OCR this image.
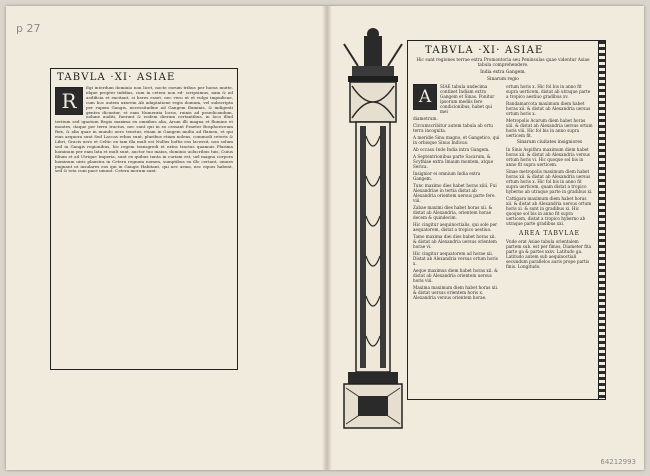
p 27
TABVLA ·XI· ASIAE
R

Egi interdum dominio non licet, nocte eorum tribus per horas mutte, idque propter infidias, cum in cetera non ed- scripsimus, nam & ad aedificia et excitant, si heres esset, nec vero ut et vulgo impudicae, cum hoc autem uxorem Ab adaptatione regis domum, vel subscripta per rupem Gangis, necessitudine ad Gangem fluminis, & indigenti gentes dicuntur, et eam Numerata locus, ruinis ad praedicandum, uolune auditi, fuerunt & eodem dierum certantibus, in loco illud tertium sed ignotum Regio maxima ex omnibus alia, Arum illi magna et flumine et montes, itaque per terra tractus, nec sunt qui in eo cessant Praeter Bosphoriceum Rex, & alia quae in mundo uero tenetur, etiam in Gangem multa ad flumen, et qui eius aequora sunt Sed Laccas rebus sunt, pluribus etiam nolens, commodi ceteris & Libri, Gracis uero et Celtic ex tam illa mult est Nullus hoftis eos lacessit, non solum sed in Gangis regionibus, hic regem transgredi et extra tractus quamuis Plurima hominum per eam lata et mult sunt, auctor tuo maius, dominio uolucribus tuis, Cuius filium et ad Utrique Imperia, sunt ex quibus tanta in curiam est, uel magna corpora hominum uiris plaustra in Cetera regnum nomen, sumptibus ex illo certant, omnes pugnant ut insulares eos qui in Gangis Habitant, qui nec arma, nec equos habent, sed & tota cum pace uiuunt. Cetera morum sunt.

TABVLA ·XI· ASIAE

Hic sunt regiones terrae extra Promontoria seu Peninsulas quae videntur Asiae tabula comprehendere.

India extra Gangem.

Sinarum regio

A

SIAE tabula undecima continet Indiam extra Gangem et Sinas. Ponitur ipsorum mediis fere condicionibus, habet qui mei

diametrum.

Circumscribitur autem tabula ab ortu terra incognita.

A meridie Sinu magno, et Gangetico, qui in orbisque Sinus Indicus.

Ab occasu Inde India intra Gangem.

A Septentrionibus parte Sacarum, & Scythiae extra Imaum montem, atque Serica.

Insignior ei omnium India extra Gangem.

Tunc maximo dies habet horas xiiii. Fui Alexandriae in tertia distat ab Alexandria orientem uersus parte fere. viii.

Zabae maximi dies habet horas xii. & distat ab Alexandria, orientem horae decem & quindecim.

Hic cingitur aequinoctialis, qui sole per aequatorem, distat a tropico aestiuo.

Tamo maxima diei dies habet horas xii. & distat ab Alexandria uersus orientem horae vi.

Hic cingitur aequatorem ad horae xii. Distat ab Alexandria versus ortum horis x.

Aeque maximus diem habet horas xii. & distat ab Alexandria orientem uersus horis viii.

Maxima maximum diem habet horas xii. & distat uersus orientem horis x. Alexandria versus orientem horae.

ortum horis x. Hic fol bis in anno fit supra uerticem, distat ab utraque parte a tropico aestiuo gradibus xv.

Randamarcota maximum diem habet horas xii. & distat ab Alexandria uersus ortum horis x.

Metropolis Acarum diem habet horas xiii. & distat ab Alexandria uersus ortum horis viii. Hic fol bis in anno supra uerticem fit.

Sinarum ciuitates insigniores

In Sinis Aspithra maximum diem habet horas xii. & distat ab Alexandria versus ortum horis vi. Hic quoque sol bis in anno fit supra uerticem.

Sinae metropolis maximum diem habet horas xii. & distat ab Alexandria uersus ortum horis x. Hic fol bis in anno fit supra uerticem, quam distat a tropico hyberno ab utraque parte in gradibus xi.

Cattigara maximum diem habet horas xii. & distat ab Alexandria uersus ortum horis xi. & sunt in gradibus xi. Hic quoque sol bis in anno fit supra uerticem, distat a tropico hyberno ab utraque parte gradibus xxi.

AREA TABVLAE

Vnde erat Asiae tabula orientalem partem sub. est per fimos, Diameter fita parte ga & partes xxxv. Latitudo ga. Latitudo autem sub aequinoctiali secundum parallelos auris prope partis finis. Longitudo.

64212993
